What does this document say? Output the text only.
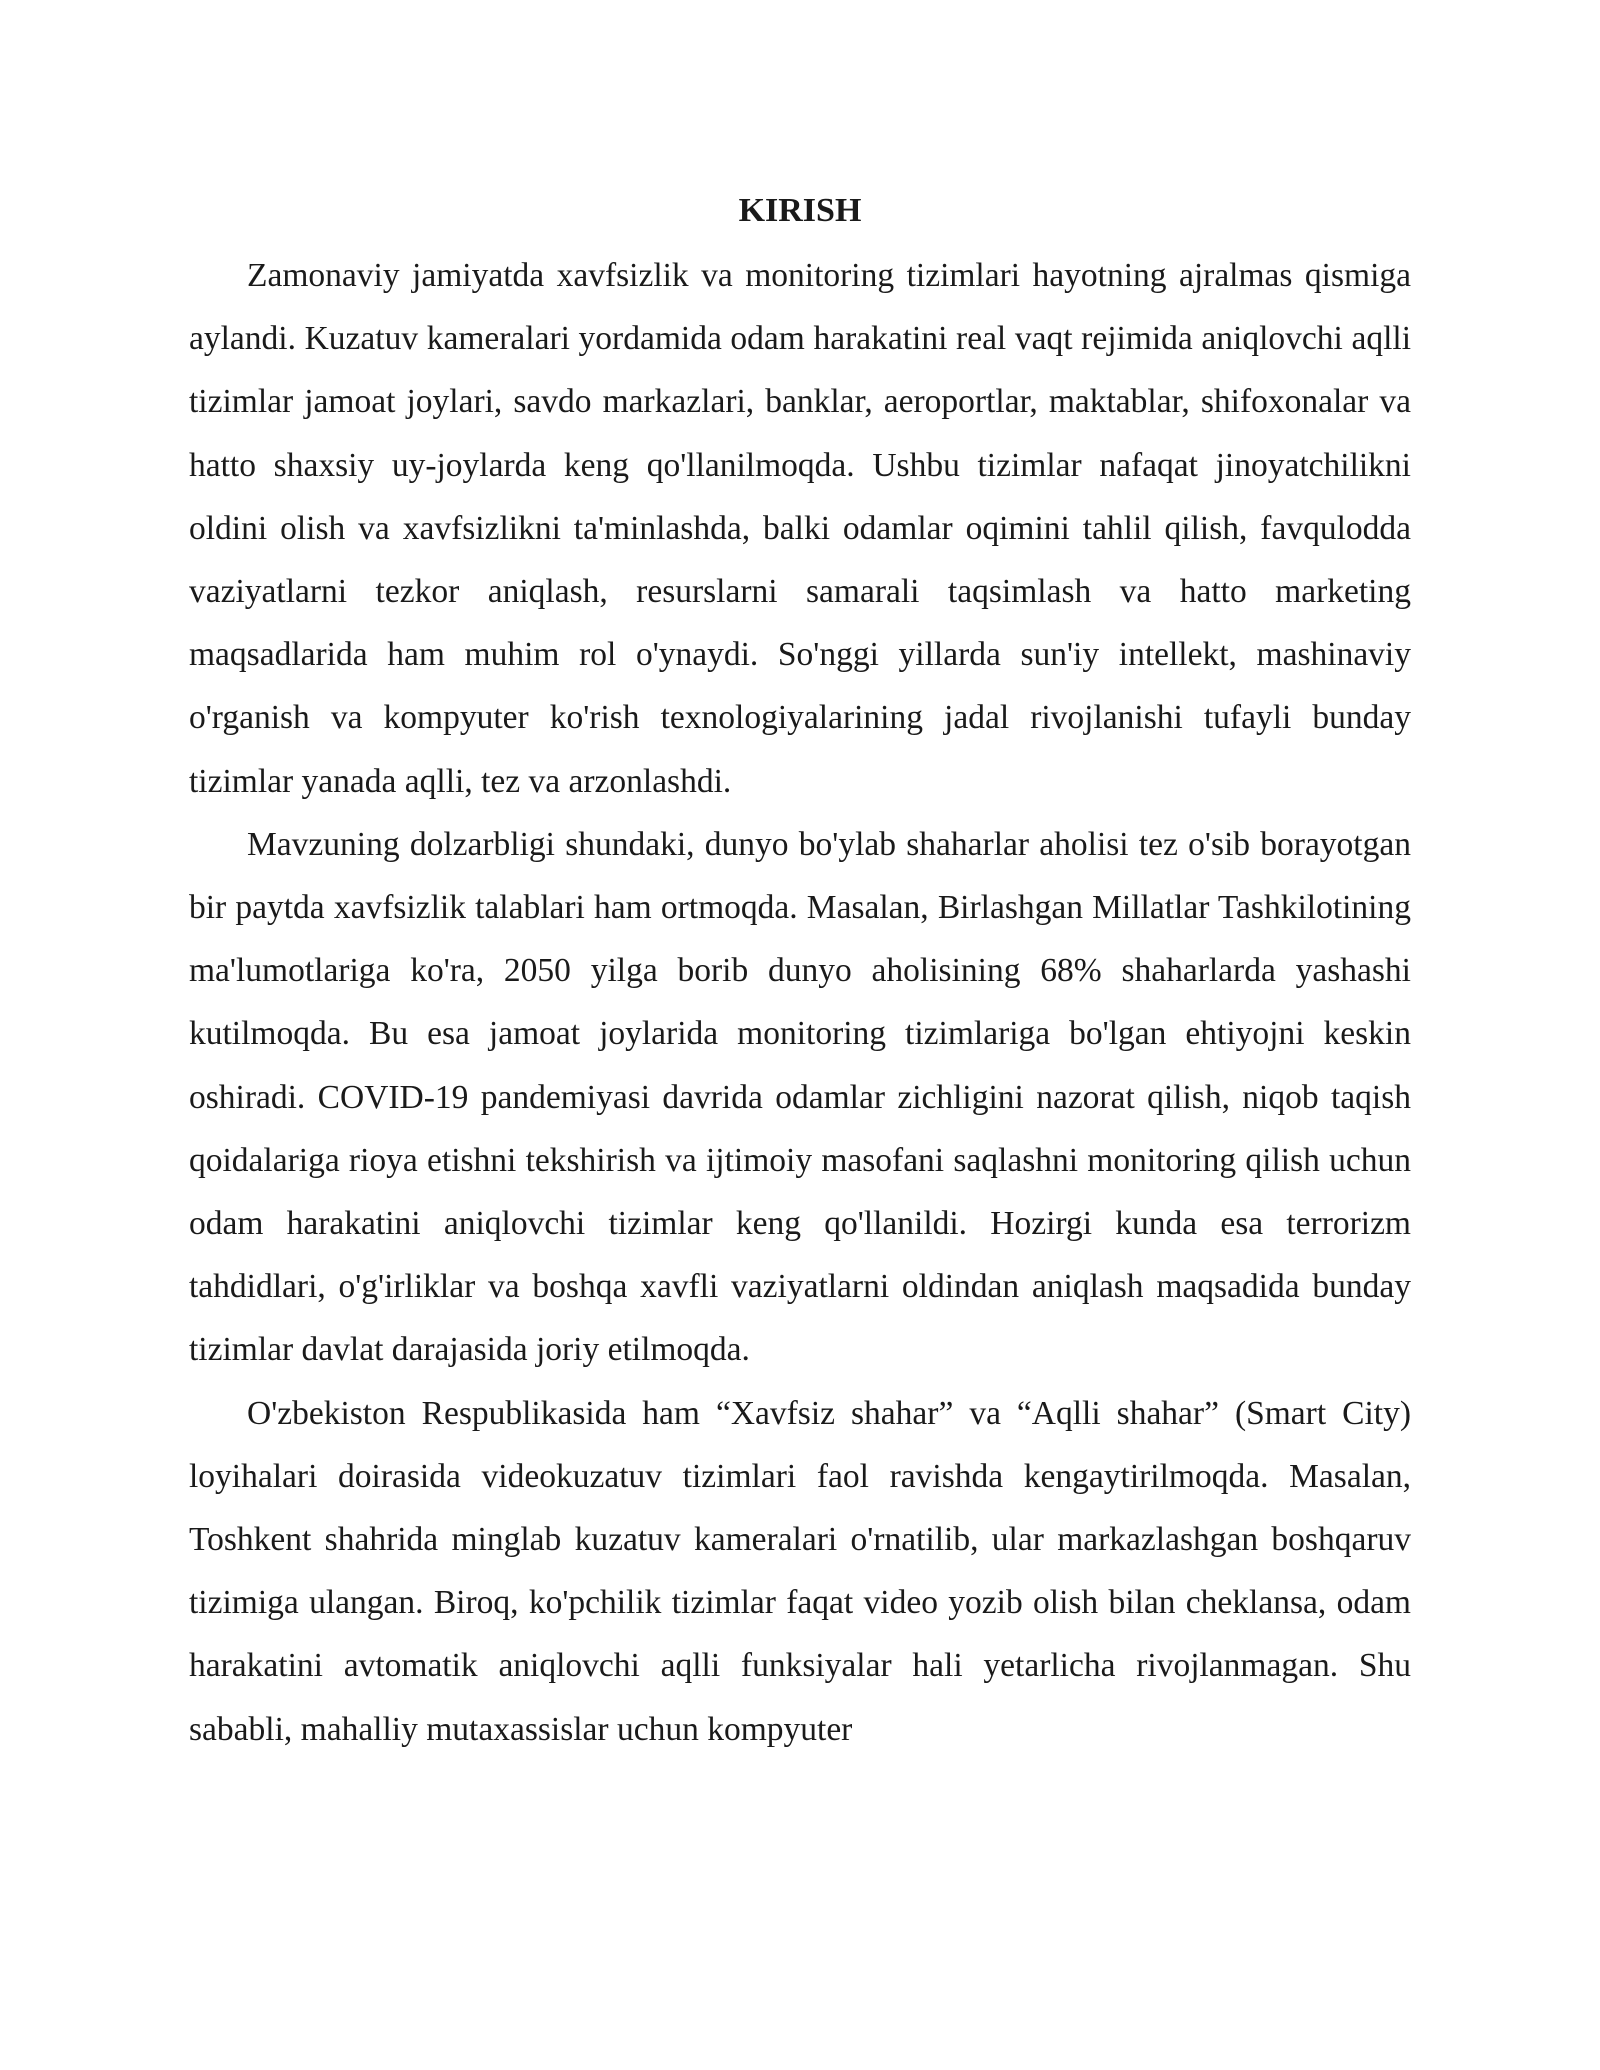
KIRISH

Zamonaviy jamiyatda xavfsizlik va monitoring tizimlari hayotning ajralmas qismiga aylandi. Kuzatuv kameralari yordamida odam harakatini real vaqt rejimida aniqlovchi aqlli tizimlar jamoat joylari, savdo markazlari, banklar, aeroportlar, maktablar, shifoxonalar va hatto shaxsiy uy-joylarda keng qo'llanilmoqda. Ushbu tizimlar nafaqat jinoyatchilikni oldini olish va xavfsizlikni ta'minlashda, balki odamlar oqimini tahlil qilish, favqulodda vaziyatlarni tezkor aniqlash, resurslarni samarali taqsimlash va hatto marketing maqsadlarida ham muhim rol o'ynaydi. So'nggi yillarda sun'iy intellekt, mashinaviy o'rganish va kompyuter ko'rish texnologiyalarining jadal rivojlanishi tufayli bunday tizimlar yanada aqlli, tez va arzonlashdi.

Mavzuning dolzarbligi shundaki, dunyo bo'ylab shaharlar aholisi tez o'sib borayotgan bir paytda xavfsizlik talablari ham ortmoqda. Masalan, Birlashgan Millatlar Tashkilotining ma'lumotlariga ko'ra, 2050 yilga borib dunyo aholisining 68% shaharlarda yashashi kutilmoqda. Bu esa jamoat joylarida monitoring tizimlariga bo'lgan ehtiyojni keskin oshiradi. COVID-19 pandemiyasi davrida odamlar zichligini nazorat qilish, niqob taqish qoidalariga rioya etishni tekshirish va ijtimoiy masofani saqlashni monitoring qilish uchun odam harakatini aniqlovchi tizimlar keng qo'llanildi. Hozirgi kunda esa terrorizm tahdidlari, o'g'irliklar va boshqa xavfli vaziyatlarni oldindan aniqlash maqsadida bunday tizimlar davlat darajasida joriy etilmoqda.

O'zbekiston Respublikasida ham “Xavfsiz shahar” va “Aqlli shahar” (Smart City) loyihalari doirasida videokuzatuv tizimlari faol ravishda kengaytirilmoqda. Masalan, Toshkent shahrida minglab kuzatuv kameralari o'rnatilib, ular markazlashgan boshqaruv tizimiga ulangan. Biroq, ko'pchilik tizimlar faqat video yozib olish bilan cheklansa, odam harakatini avtomatik aniqlovchi aqlli funksiyalar hali yetarlicha rivojlanmagan. Shu sababli, mahalliy mutaxassislar uchun kompyuter
